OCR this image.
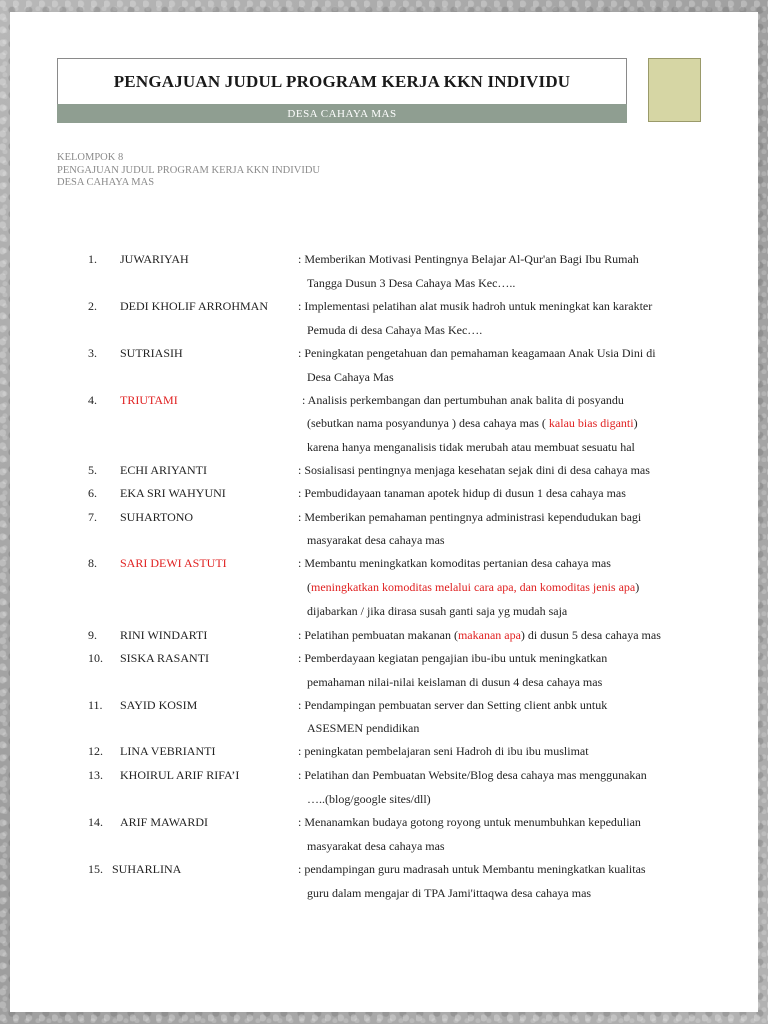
PENGAJUAN JUDUL PROGRAM KERJA KKN INDIVIDU
DESA CAHAYA MAS
KELOMPOK 8
PENGAJUAN JUDUL PROGRAM KERJA KKN INDIVIDU
DESA CAHAYA MAS
1. JUWARIYAH	: Memberikan Motivasi Pentingnya Belajar Al-Qur'an Bagi Ibu Rumah
Tangga Dusun 3 Desa Cahaya Mas Kec…..
2. DEDI KHOLIF ARROHMAN : Implementasi pelatihan alat musik hadroh untuk meningkat kan karakter
Pemuda di desa Cahaya Mas Kec….
3. SUTRIASIH	: Peningkatan pengetahuan dan pemahaman keagamaan Anak Usia Dini di
Desa Cahaya Mas
4. TRIUTAMI	: Analisis perkembangan dan pertumbuhan anak balita di posyandu
(sebutkan nama posyandunya ) desa cahaya mas ( kalau bias diganti)
karena hanya menganalisis tidak merubah atau membuat sesuatu hal
5. ECHI ARIYANTI	: Sosialisasi pentingnya menjaga kesehatan sejak dini di desa cahaya mas
6. EKA SRI WAHYUNI	: Pembudidayaan tanaman apotek hidup di dusun 1 desa cahaya mas
7. SUHARTONO	: Memberikan pemahaman pentingnya administrasi kependudukan bagi
masyarakat desa cahaya mas
8. SARI DEWI ASTUTI	: Membantu meningkatkan komoditas pertanian desa cahaya mas
(meningkatkan komoditas melalui cara apa, dan komoditas jenis apa)
dijabarkan / jika dirasa susah ganti saja yg mudah saja
9. RINI WINDARTI	: Pelatihan pembuatan makanan (makanan apa) di dusun 5 desa cahaya mas
10. SISKA RASANTI	: Pemberdayaan kegiatan pengajian ibu-ibu untuk meningkatkan
pemahaman nilai-nilai keislaman di dusun 4 desa cahaya mas
11. SAYID KOSIM	: Pendampingan pembuatan server dan Setting client anbk untuk
ASESMEN pendidikan
12. LINA VEBRIANTI	: peningkatan pembelajaran seni Hadroh di ibu ibu muslimat
13. KHOIRUL ARIF RIFA’I	: Pelatihan dan Pembuatan Website/Blog desa cahaya mas menggunakan
…..(blog/google sites/dll)
14. ARIF MAWARDI	: Menanamkan budaya gotong royong untuk menumbuhkan kepedulian
masyarakat desa cahaya mas
15. SUHARLINA	: pendampingan guru madrasah untuk Membantu meningkatkan kualitas
guru dalam mengajar di TPA Jami'ittaqwa desa cahaya mas
